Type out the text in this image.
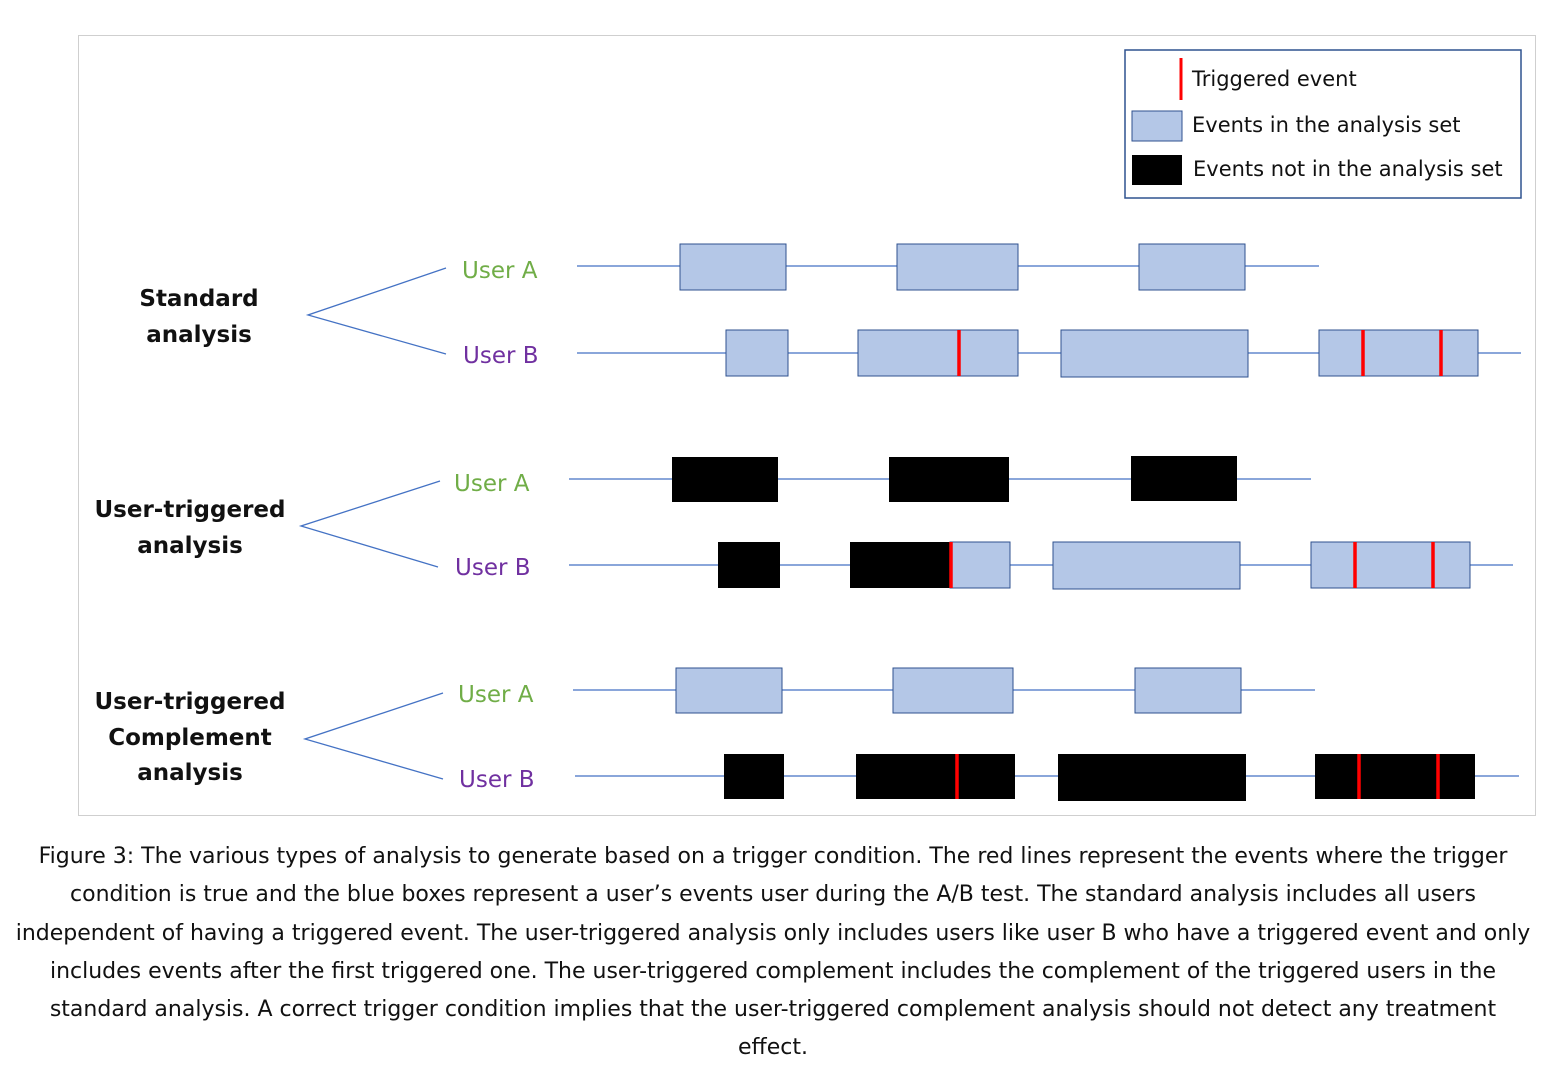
Triggered event
Events in the analysis set
Events not in the analysis set
Standard
analysis
User A
User B
User-triggered
analysis
User A
User B
User-triggered
Complement
analysis
User A
User B

Figure 3: The various types of analysis to generate based on a trigger condition. The red lines represent the events where the trigger condition is true and the blue boxes represent a user’s events user during the A/B test. The standard analysis includes all users independent of having a triggered event. The user-triggered analysis only includes users like user B who have a triggered event and only includes events after the first triggered one. The user-triggered complement includes the complement of the triggered users in the standard analysis. A correct trigger condition implies that the user-triggered complement analysis should not detect any treatment effect.
